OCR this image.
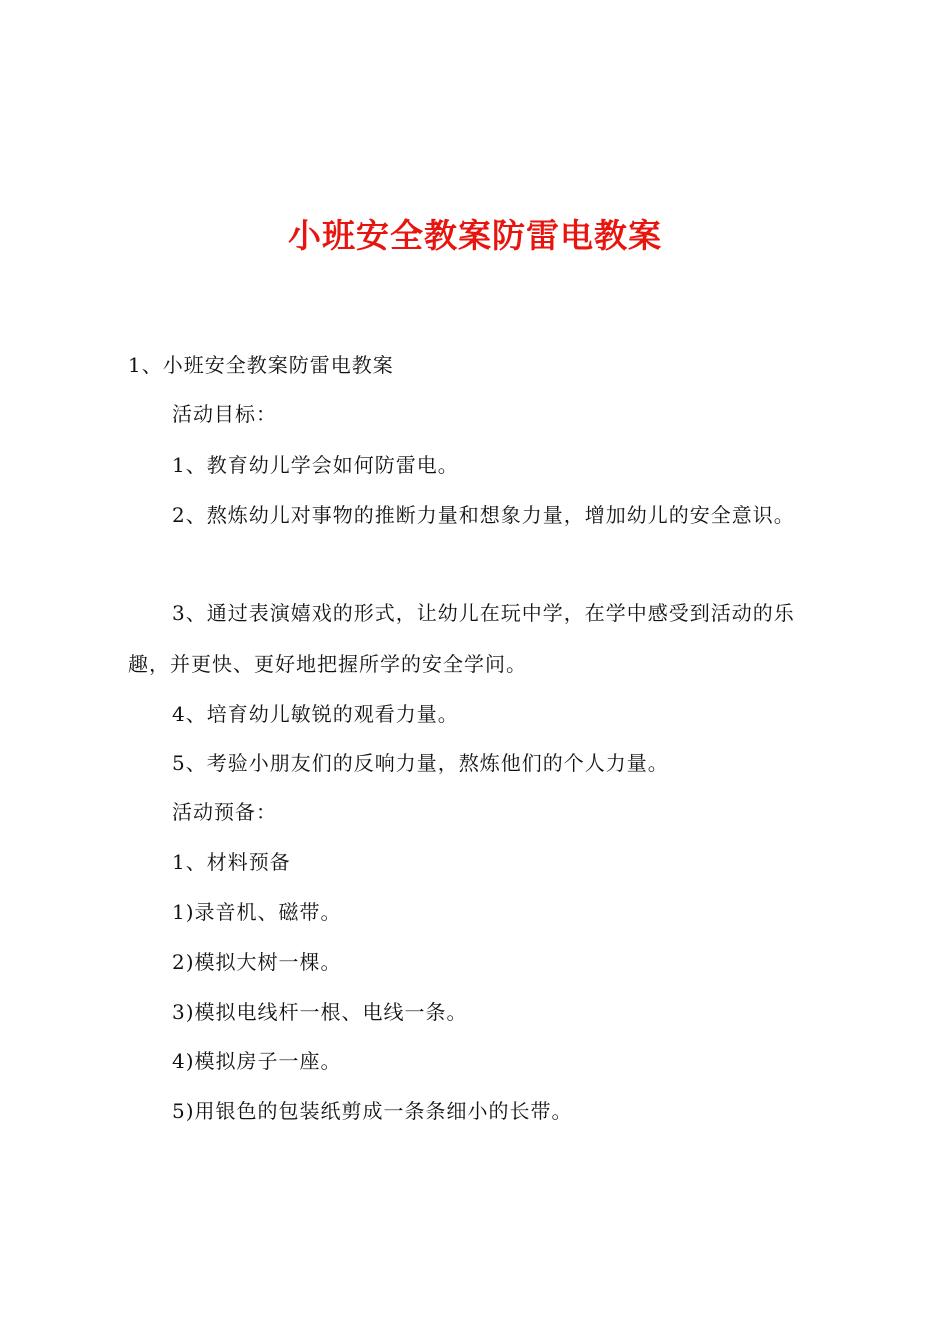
小班安全教案防雷电教案

1、小班安全教案防雷电教案

活动目标：

1、教育幼儿学会如何防雷电。

2、熬炼幼儿对事物的推断力量和想象力量，增加幼儿的安全意识。

3、通过表演嬉戏的形式，让幼儿在玩中学，在学中感受到活动的乐

趣，并更快、更好地把握所学的安全学问。

4、培育幼儿敏锐的观看力量。

5、考验小朋友们的反响力量，熬炼他们的个人力量。

活动预备：

1、材料预备

1)录音机、磁带。

2)模拟大树一棵。

3)模拟电线杆一根、电线一条。

4)模拟房子一座。

5)用银色的包装纸剪成一条条细小的长带。
